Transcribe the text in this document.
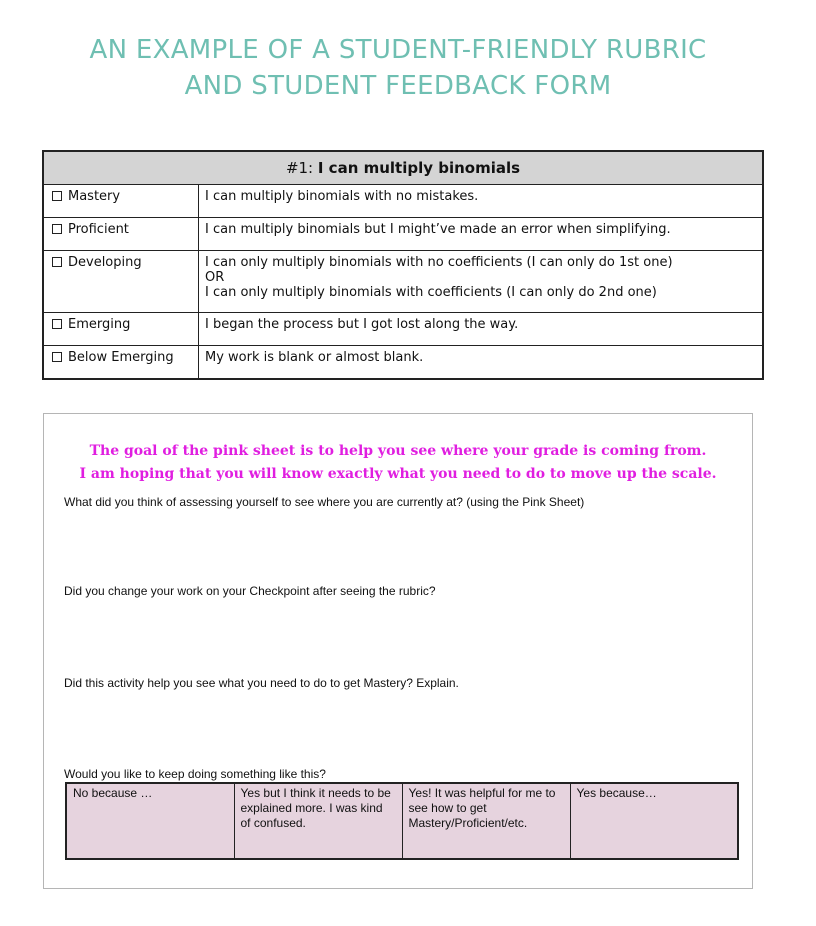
AN EXAMPLE OF A STUDENT-FRIENDLY RUBRIC
AND STUDENT FEEDBACK FORM
#1: I can multiply binomials	
Mastery	I can multiply binomials with no mistakes.
Proficient	I can multiply binomials but I might’ve made an error when simplifying.
Developing	I can only multiply binomials with no coefficients (I can only do 1st one)
OR
I can only multiply binomials with coefficients (I can only do 2nd one)

Emerging	I began the process but I got lost along the way.
Below Emerging	My work is blank or almost blank.
The goal of the pink sheet is to help you see where your grade is coming from.
I am hoping that you will know exactly what you need to do to move up the scale.
What did you think of assessing yourself to see where you are currently at? (using the Pink Sheet)
Did you change your work on your Checkpoint after seeing the rubric?
Did this activity help you see what you need to do to get Mastery? Explain.
Would you like to keep doing something like this?
No because …	Yes but I think it needs to be explained more. I was kind of confused.	Yes! It was helpful for me to see how to get Mastery/Proficient/etc.	Yes because…
